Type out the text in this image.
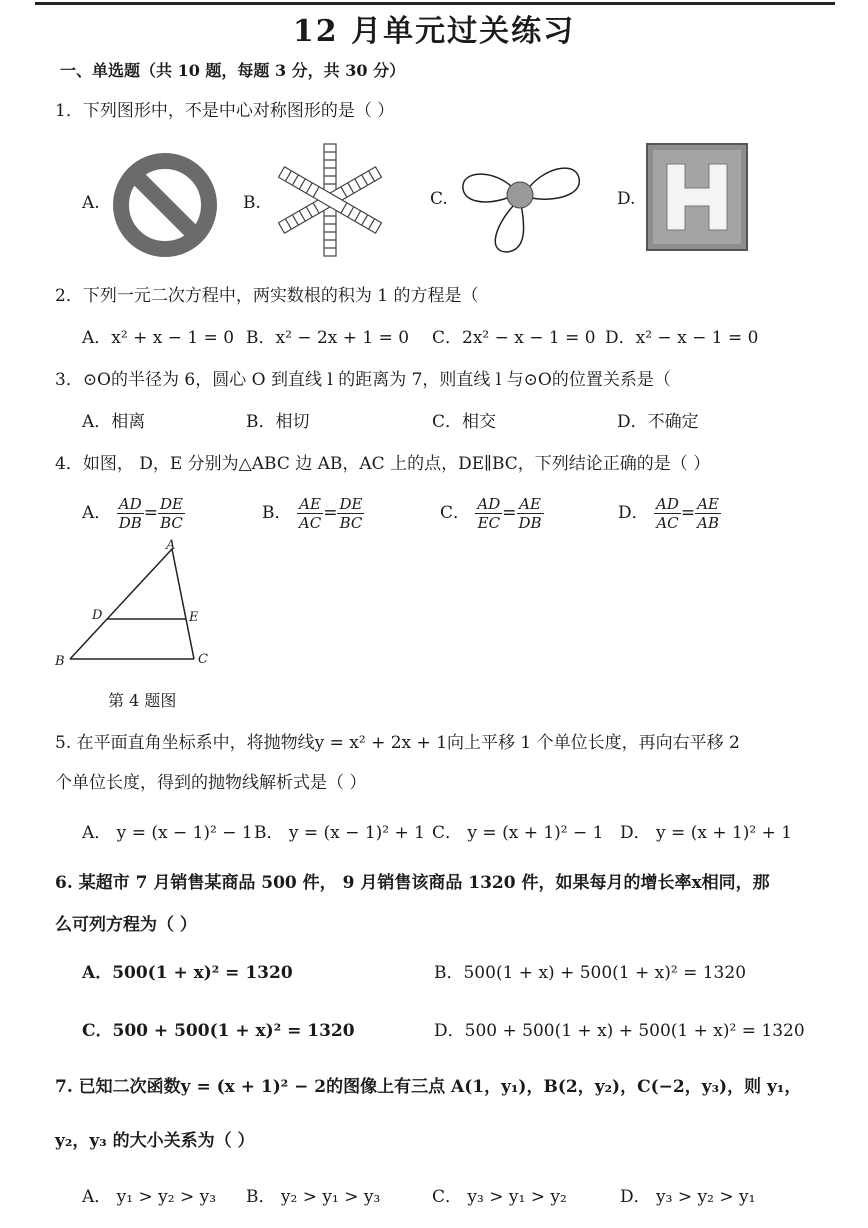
12 月单元过关练习
一、单选题（共 10 题，每题 3 分，共 30 分）
1．下列图形中，不是中心对称图形的是（ ）
A.	B.	C.	D.
2．下列一元二次方程中，两实数根的积为 1 的方程是（
A．x² + x − 1 = 0 B．x² − 2x + 1 = 0 C．2x² − x − 1 = 0 D．x² − x − 1 = 0
3．⊙O的半径为 6，圆心 O 到直线 l 的距离为 7，则直线 l 与⊙O的位置关系是（
A．相离	B．相切	C．相交	D．不确定
4．如图， D，E 分别为△ABC 边 AB，AC 上的点，DE∥BC，下列结论正确的是（ ）
A． $\frac{AD}{DB} = \frac{DE}{BC}$	B． $\frac{AE}{AC} = \frac{DE}{BC}$	C． $\frac{AD}{EC} = \frac{AE}{DB}$	D． $\frac{AD}{AC} = \frac{AE}{AB}$
A
D	E
B	C
第 4 题图
5. 在平面直角坐标系中，将抛物线y = x² + 2x + 1向上平移 1 个单位长度，再向右平移 2
个单位长度，得到的抛物线解析式是（ ）
A． y = (x − 1)² − 1 B． y = (x − 1)² + 1 C． y = (x + 1)² − 1 D． y = (x + 1)² + 1
6. 某超市 7 月销售某商品 500 件， 9 月销售该商品 1320 件，如果每月的增长率x相同，那
么可列方程为（ ）
A．500(1 + x)² = 1320	B．500(1 + x) + 500(1 + x)² = 1320
C．500 + 500(1 + x)² = 1320	D．500 + 500(1 + x) + 500(1 + x)² = 1320
7. 已知二次函数y = (x + 1)² − 2的图像上有三点 A(1，y₁)，B(2，y₂)，C(−2，y₃)，则 y₁，
y₂，y₃ 的大小关系为（ ）
A． y₁ > y₂ > y₃ B． y₂ > y₁ > y₃	C． y₃ > y₁ > y₂	D． y₃ > y₂ > y₁
